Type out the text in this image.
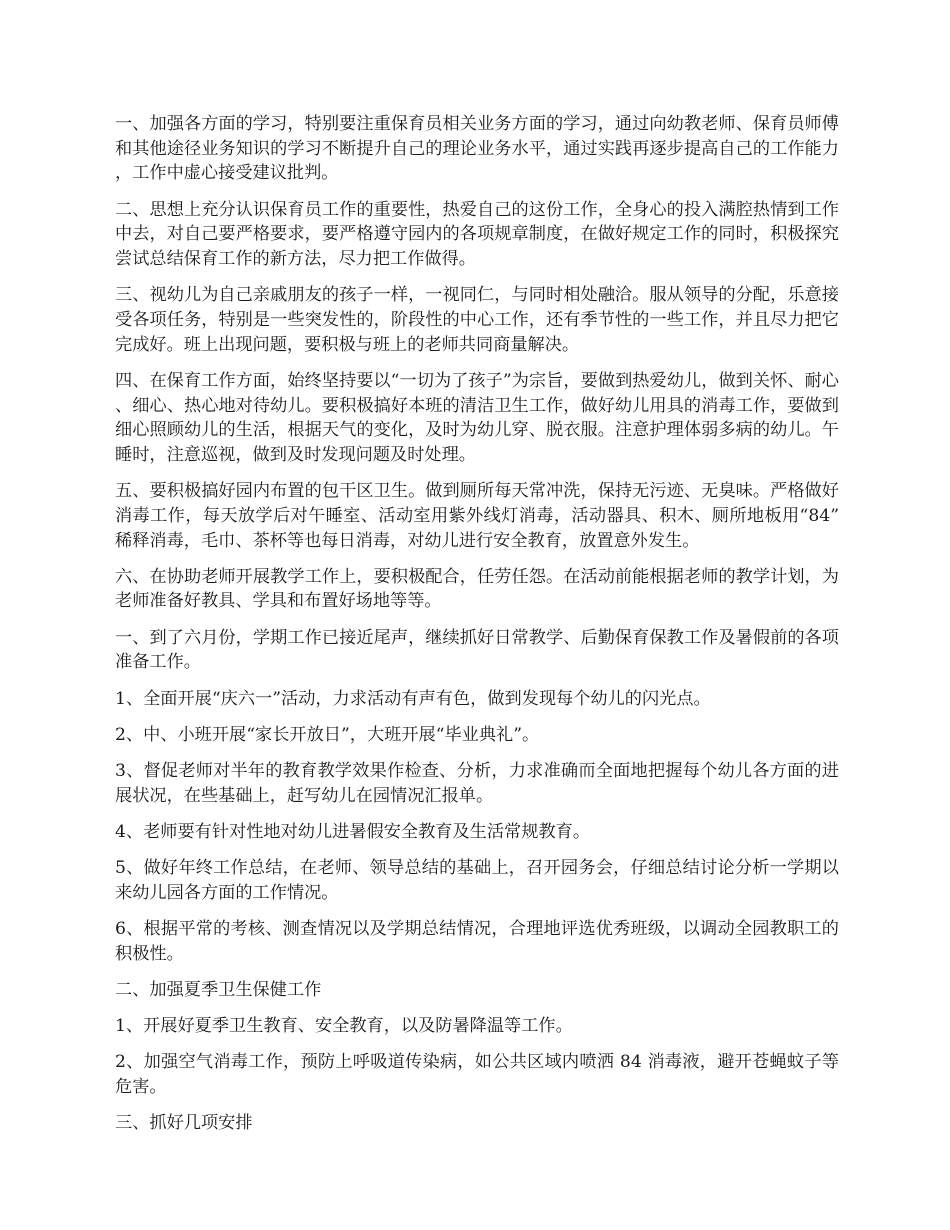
一、加强各方面的学习，特别要注重保育员相关业务方面的学习，通过向幼教老师、保育员师傅和其他途径业务知识的学习不断提升自己的理论业务水平，通过实践再逐步提高自己的工作能力，工作中虚心接受建议批判。

二、思想上充分认识保育员工作的重要性，热爱自己的这份工作，全身心的投入满腔热情到工作中去，对自己要严格要求，要严格遵守园内的各项规章制度，在做好规定工作的同时，积极探究尝试总结保育工作的新方法，尽力把工作做得。

三、视幼儿为自己亲戚朋友的孩子一样，一视同仁，与同时相处融洽。服从领导的分配，乐意接受各项任务，特别是一些突发性的，阶段性的中心工作，还有季节性的一些工作，并且尽力把它完成好。班上出现问题，要积极与班上的老师共同商量解决。

四、在保育工作方面，始终坚持要以“一切为了孩子”为宗旨，要做到热爱幼儿，做到关怀、耐心、细心、热心地对待幼儿。要积极搞好本班的清洁卫生工作，做好幼儿用具的消毒工作，要做到细心照顾幼儿的生活，根据天气的变化，及时为幼儿穿、脱衣服。注意护理体弱多病的幼儿。午睡时，注意巡视，做到及时发现问题及时处理。

五、要积极搞好园内布置的包干区卫生。做到厕所每天常冲洗，保持无污迹、无臭味。严格做好消毒工作，每天放学后对午睡室、活动室用紫外线灯消毒，活动器具、积木、厕所地板用“84”稀释消毒，毛巾、茶杯等也每日消毒，对幼儿进行安全教育，放置意外发生。

六、在协助老师开展教学工作上，要积极配合，任劳任怨。在活动前能根据老师的教学计划，为老师准备好教具、学具和布置好场地等等。

一、到了六月份，学期工作已接近尾声，继续抓好日常教学、后勤保育保教工作及暑假前的各项准备工作。

1、全面开展“庆六一”活动，力求活动有声有色，做到发现每个幼儿的闪光点。

2、中、小班开展“家长开放日”，大班开展“毕业典礼”。

3、督促老师对半年的教育教学效果作检查、分析，力求准确而全面地把握每个幼儿各方面的进展状况，在些基础上，赶写幼儿在园情况汇报单。

4、老师要有针对性地对幼儿进暑假安全教育及生活常规教育。

5、做好年终工作总结，在老师、领导总结的基础上，召开园务会，仔细总结讨论分析一学期以来幼儿园各方面的工作情况。

6、根据平常的考核、测查情况以及学期总结情况，合理地评选优秀班级，以调动全园教职工的积极性。

二、加强夏季卫生保健工作

1、开展好夏季卫生教育、安全教育，以及防暑降温等工作。

2、加强空气消毒工作，预防上呼吸道传染病，如公共区域内喷洒 84 消毒液，避开苍蝇蚊子等危害。

三、抓好几项安排
